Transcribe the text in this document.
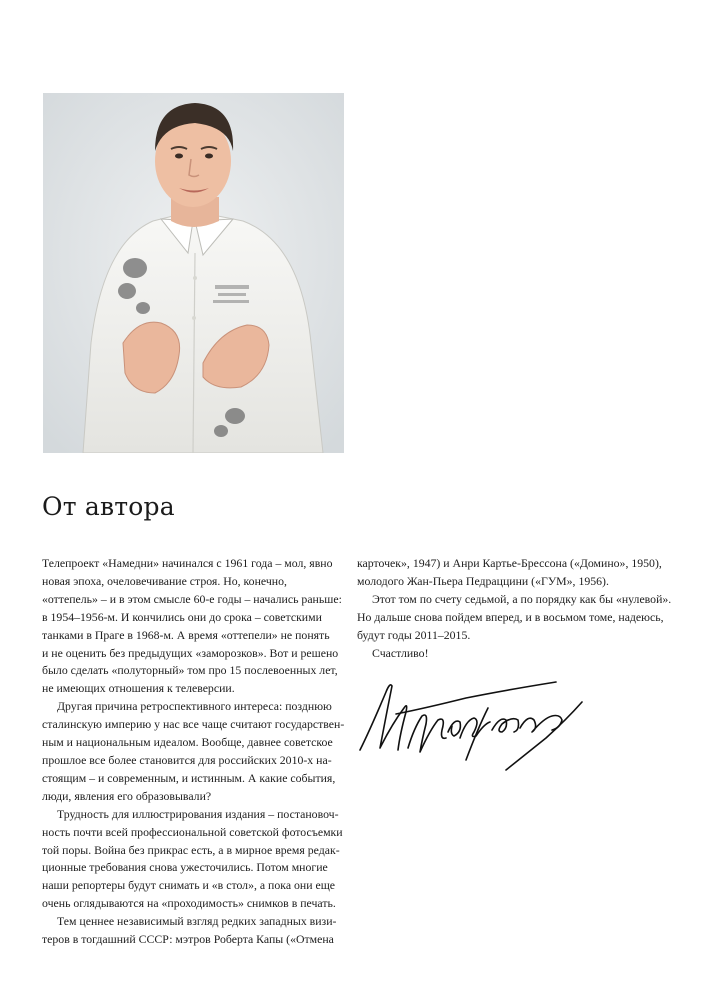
От автора
Телепроект «Намедни» начинался с 1961 года – мол, явно
новая эпоха, очеловечивание строя. Но, конечно,
«оттепель» – и в этом смысле 60-е годы – начались раньше:
в 1954–1956-м. И кончились они до срока – советскими
танками в Праге в 1968-м. А время «оттепели» не понять
и не оценить без предыдущих «заморозков». Вот и решено
было сделать «полуторный» том про 15 послевоенных лет,
не имеющих отношения к телеверсии.
Другая причина ретроспективного интереса: позднюю
сталинскую империю у нас все чаще считают государствен-
ным и национальным идеалом. Вообще, давнее советское
прошлое все более становится для российских 2010-х на-
стоящим – и современным, и истинным. А какие события,
люди, явления его образовывали?
Трудность для иллюстрирования издания – постановоч-
ность почти всей профессиональной советской фотосъемки
той поры. Война без прикрас есть, а в мирное время редак-
ционные требования снова ужесточились. Потом многие
наши репортеры будут снимать и «в стол», а пока они еще
очень оглядываются на «проходимость» снимков в печать.
Тем ценнее независимый взгляд редких западных визи-
теров в тогдашний СССР: мэтров Роберта Капы («Отмена
карточек», 1947) и Анри Картье-Брессона («Домино», 1950),
молодого Жан-Пьера Педраццини («ГУМ», 1956).
Этот том по счету седьмой, а по порядку как бы «нулевой».
Но дальше снова пойдем вперед, и в восьмом томе, надеюсь,
будут годы 2011–2015.
Счастливо!
